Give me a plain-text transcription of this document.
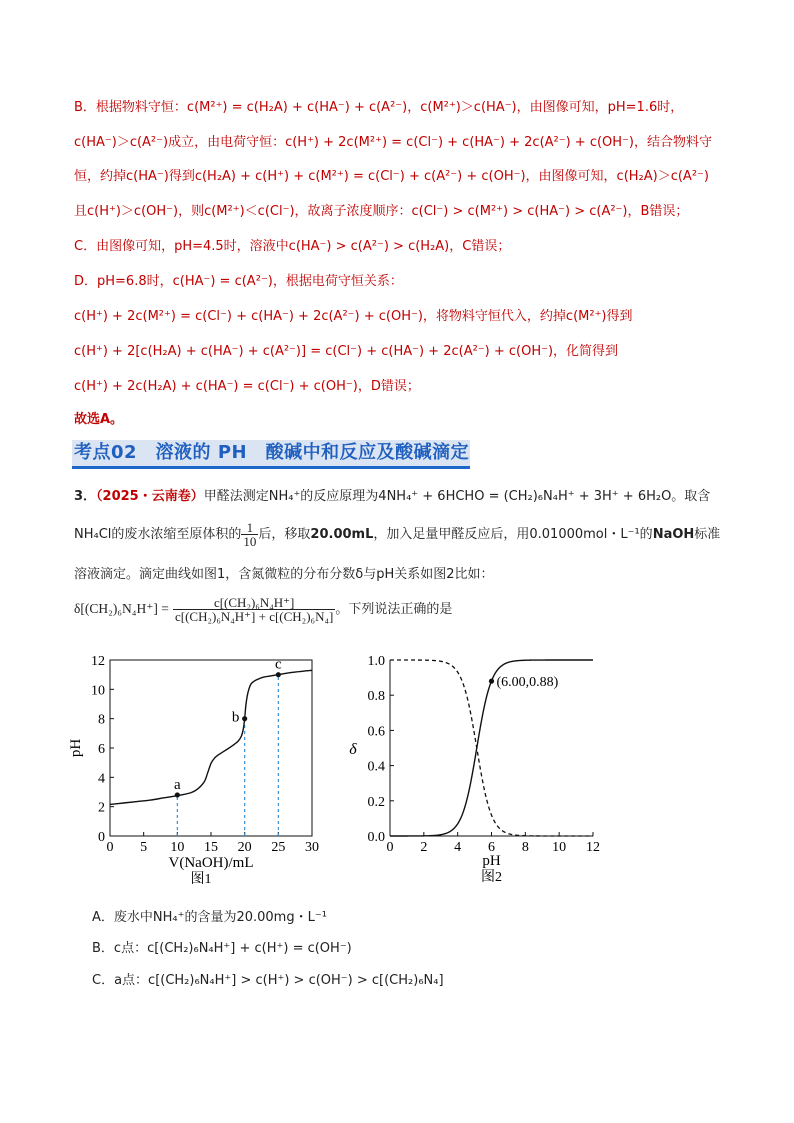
B．根据物料守恒：c(M²⁺) = c(H₂A) + c(HA⁻) + c(A²⁻)，c(M²⁺)＞c(HA⁻)，由图像可知，pH=1.6时，
c(HA⁻)＞c(A²⁻)成立，由电荷守恒：c(H⁺) + 2c(M²⁺) = c(Cl⁻) + c(HA⁻) + 2c(A²⁻) + c(OH⁻)，结合物料守
恒，约掉c(HA⁻)得到c(H₂A) + c(H⁺) + c(M²⁺) = c(Cl⁻) + c(A²⁻) + c(OH⁻)，由图像可知，c(H₂A)＞c(A²⁻)
且c(H⁺)＞c(OH⁻)，则c(M²⁺)＜c(Cl⁻)，故离子浓度顺序：c(Cl⁻) > c(M²⁺) > c(HA⁻) > c(A²⁻)，B错误；
C．由图像可知，pH=4.5时，溶液中c(HA⁻) > c(A²⁻) > c(H₂A)，C错误；
D．pH=6.8时，c(HA⁻) = c(A²⁻)，根据电荷守恒关系：
c(H⁺) + 2c(M²⁺) = c(Cl⁻) + c(HA⁻) + 2c(A²⁻) + c(OH⁻)，将物料守恒代入，约掉c(M²⁺)得到
c(H⁺) + 2[c(H₂A) + c(HA⁻) + c(A²⁻)] = c(Cl⁻) + c(HA⁻) + 2c(A²⁻) + c(OH⁻)，化简得到
c(H⁺) + 2c(H₂A) + c(HA⁻) = c(Cl⁻) + c(OH⁻)，D错误；
故选A。
考点02　溶液的 PH　酸碱中和反应及酸碱滴定
3．（2025・云南卷）甲醛法测定NH₄⁺的反应原理为4NH₄⁺ + 6HCHO = (CH₂)₆N₄H⁺ + 3H⁺ + 6H₂O。取含
NH₄Cl的废水浓缩至原体积的 $\frac{1}{10}$ 后，移取20.00mL，加入足量甲醛反应后，用0.01000mol・L⁻¹的NaOH标准
溶液滴定。滴定曲线如图1，含氮微粒的分布分数δ与pH关系如图2比如：
$\delta[(CH_2)_6N_4H^+] = \frac{\text{c[(CH₂)₆N₄H⁺]}}{\text{c[(CH₂)₆N₄H⁺] + c[(CH₂)₆N₄]}}$ 。下列说法正确的是
0 5 10 15 20 25 30
0
2
4
6
8
10
12
a
b
c
V(NaOH)/mL
pH
图1
0 2 4 6 8 10 12
0.0
0.2
0.4
0.6
0.8
1.0
(6.00,0.88)
pH
δ
图2
A．废水中NH₄⁺的含量为20.00mg・L⁻¹
B．c点：c[(CH₂)₆N₄H⁺] + c(H⁺) = c(OH⁻)
C．a点：c[(CH₂)₆N₄H⁺] > c(H⁺) > c(OH⁻) > c[(CH₂)₆N₄]
